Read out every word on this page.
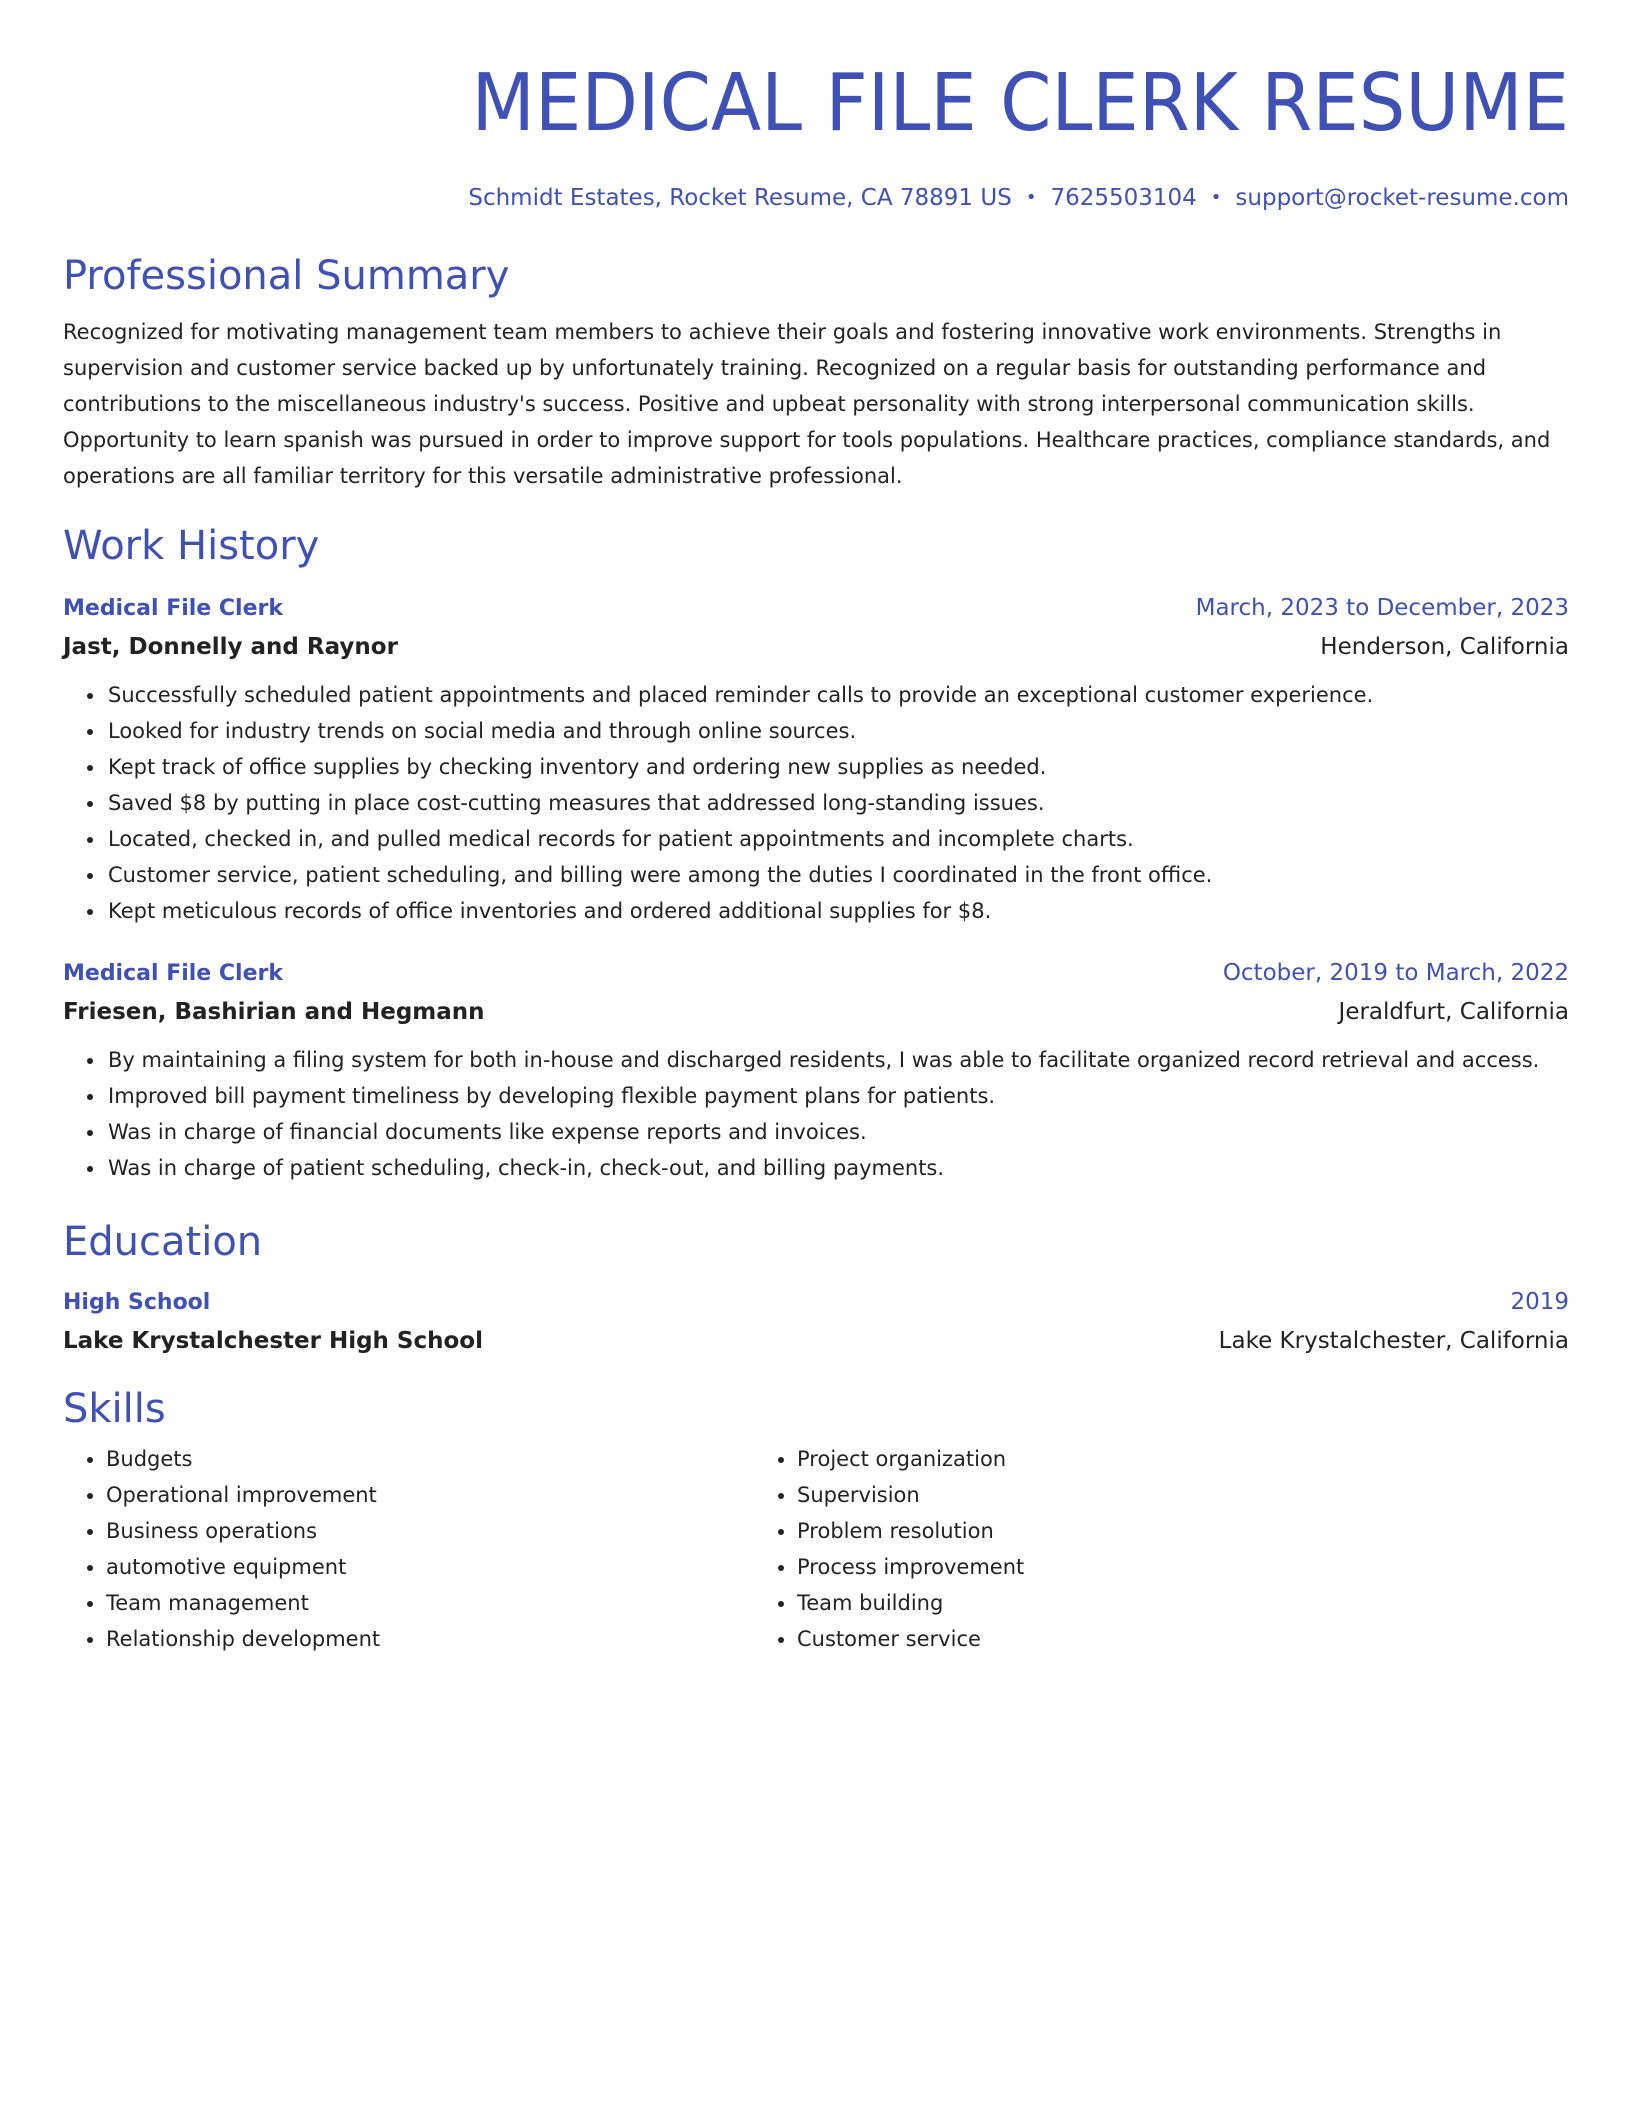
MEDICAL FILE CLERK RESUME
Schmidt Estates, Rocket Resume, CA 78891 US • 7625503104 • support@rocket-resume.com
Professional Summary
Recognized for motivating management team members to achieve their goals and fostering innovative work environments. Strengths in supervision and customer service backed up by unfortunately training. Recognized on a regular basis for outstanding performance and contributions to the miscellaneous industry's success. Positive and upbeat personality with strong interpersonal communication skills. Opportunity to learn spanish was pursued in order to improve support for tools populations. Healthcare practices, compliance standards, and operations are all familiar territory for this versatile administrative professional.
Work History
Medical File Clerk	March, 2023 to December, 2023
Jast, Donnelly and Raynor	Henderson, California
• Successfully scheduled patient appointments and placed reminder calls to provide an exceptional customer experience.
• Looked for industry trends on social media and through online sources.
• Kept track of office supplies by checking inventory and ordering new supplies as needed.
• Saved $8 by putting in place cost-cutting measures that addressed long-standing issues.
• Located, checked in, and pulled medical records for patient appointments and incomplete charts.
• Customer service, patient scheduling, and billing were among the duties I coordinated in the front office.
• Kept meticulous records of office inventories and ordered additional supplies for $8.
Medical File Clerk	October, 2019 to March, 2022
Friesen, Bashirian and Hegmann	Jeraldfurt, California
• By maintaining a filing system for both in-house and discharged residents, I was able to facilitate organized record retrieval and access.
• Improved bill payment timeliness by developing flexible payment plans for patients.
• Was in charge of financial documents like expense reports and invoices.
• Was in charge of patient scheduling, check-in, check-out, and billing payments.
Education
High School	2019
Lake Krystalchester High School	Lake Krystalchester, California
Skills
• Budgets
• Operational improvement
• Business operations
• automotive equipment
• Team management
• Relationship development
• Project organization
• Supervision
• Problem resolution
• Process improvement
• Team building
• Customer service
